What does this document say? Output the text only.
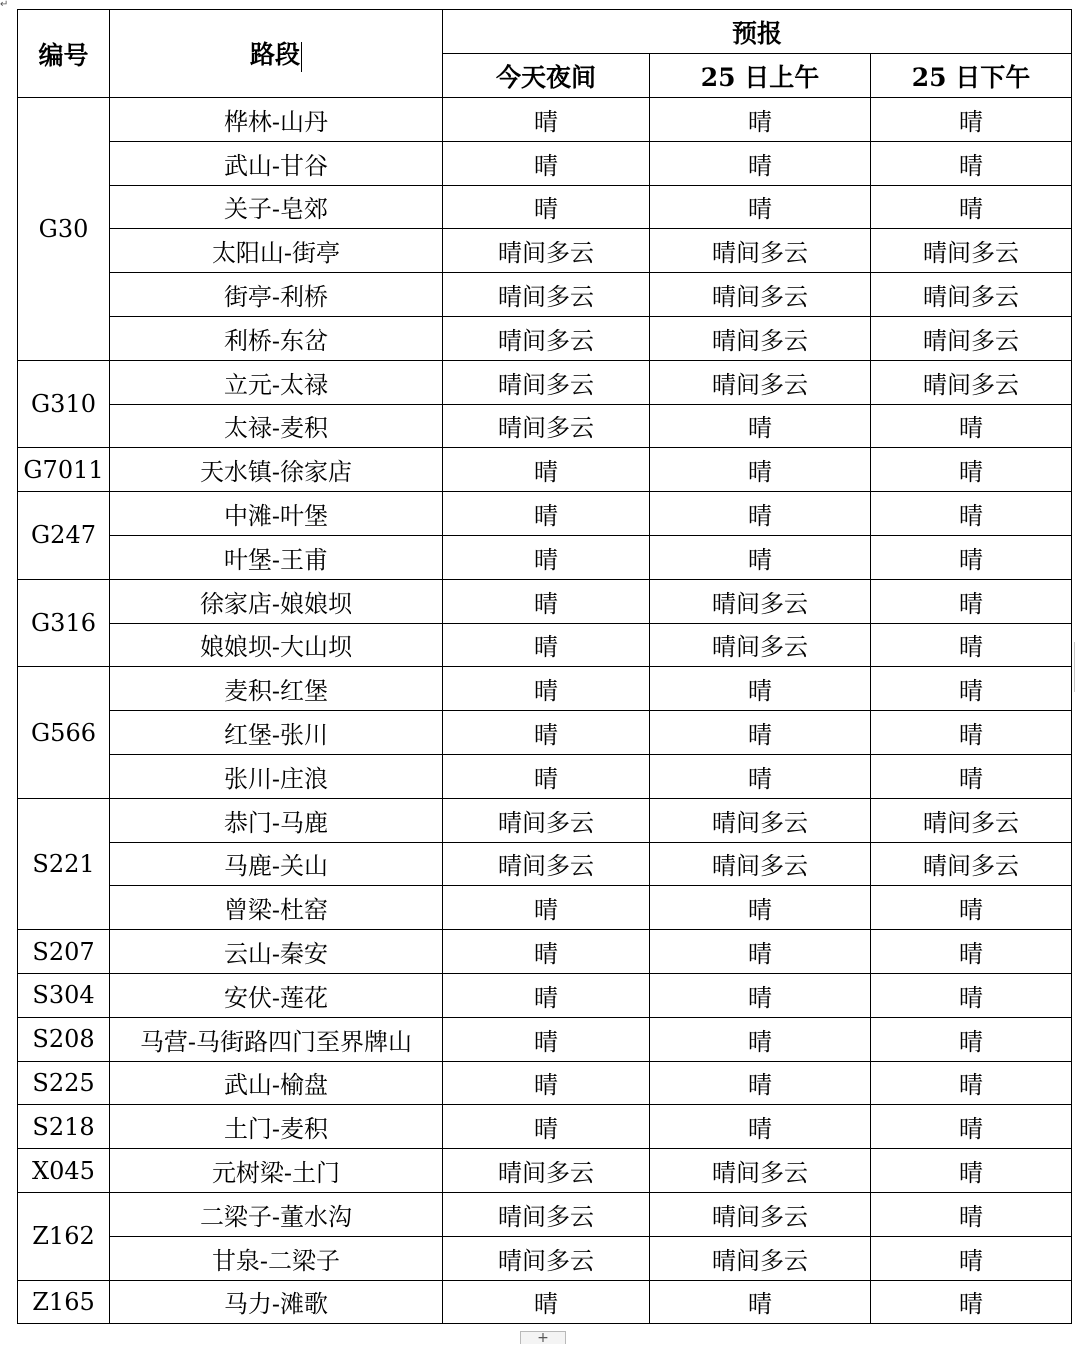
↵
编号	路段	预报		
		今天夜间	25 日上午	25 日下午
G30	桦林-山丹	晴	晴	晴
	武山-甘谷	晴	晴	晴
	关子-皂郊	晴	晴	晴
	太阳山-街亭	晴间多云	晴间多云	晴间多云
	街亭-利桥	晴间多云	晴间多云	晴间多云
	利桥-东岔	晴间多云	晴间多云	晴间多云
G310	立元-太禄	晴间多云	晴间多云	晴间多云
	太禄-麦积	晴间多云	晴	晴
G7011	天水镇-徐家店	晴	晴	晴
G247	中滩-叶堡	晴	晴	晴
	叶堡-王甫	晴	晴	晴
G316	徐家店-娘娘坝	晴	晴间多云	晴
	娘娘坝-大山坝	晴	晴间多云	晴
G566	麦积-红堡	晴	晴	晴
	红堡-张川	晴	晴	晴
	张川-庄浪	晴	晴	晴
S221	恭门-马鹿	晴间多云	晴间多云	晴间多云
	马鹿-关山	晴间多云	晴间多云	晴间多云
	曾梁-杜窑	晴	晴	晴
S207	云山-秦安	晴	晴	晴
S304	安伏-莲花	晴	晴	晴
S208	马营-马街路四门至界牌山	晴	晴	晴
S225	武山-榆盘	晴	晴	晴
S218	土门-麦积	晴	晴	晴
X045	元树梁-土门	晴间多云	晴间多云	晴
Z162	二梁子-董水沟	晴间多云	晴间多云	晴
	甘泉-二梁子	晴间多云	晴间多云	晴
Z165	马力-滩歌	晴	晴	晴
+
